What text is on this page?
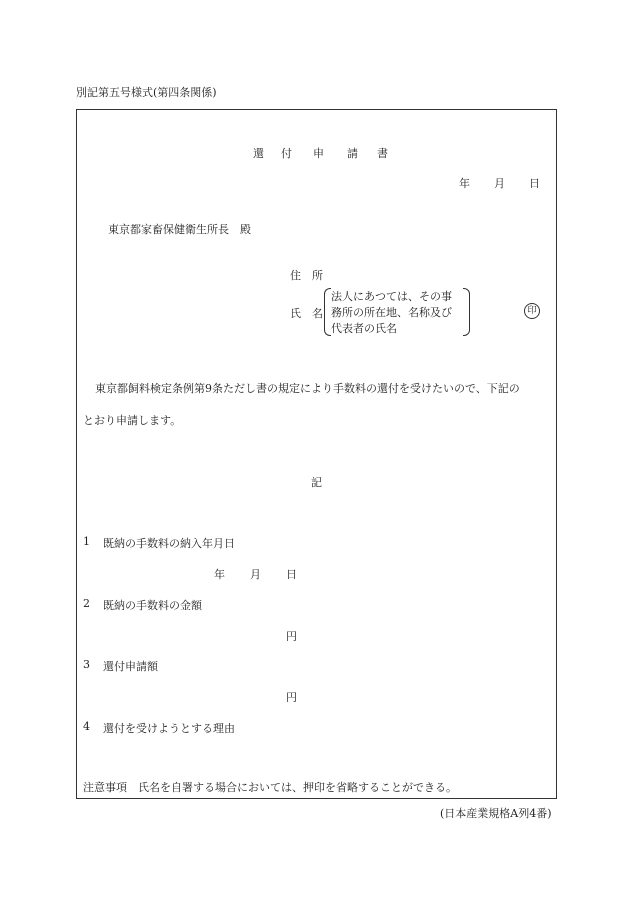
別記第五号様式(第四条関係)
還 付 申 請 書
年 月 日
東京都家畜保健衛生所長　殿
住　所
氏　名
法人にあつては、その事
務所の所在地、名称及び
代表者の氏名
印
東京都飼料検定条例第9条ただし書の規定により手数料の還付を受けたいので、下記の
とおり申請します。
記
1 既納の手数料の納入年月日
年 月 日
2 既納の手数料の金額
円
3 還付申請額
円
4 還付を受けようとする理由
注意事項　氏名を自署する場合においては、押印を省略することができる。
(日本産業規格A列4番)
